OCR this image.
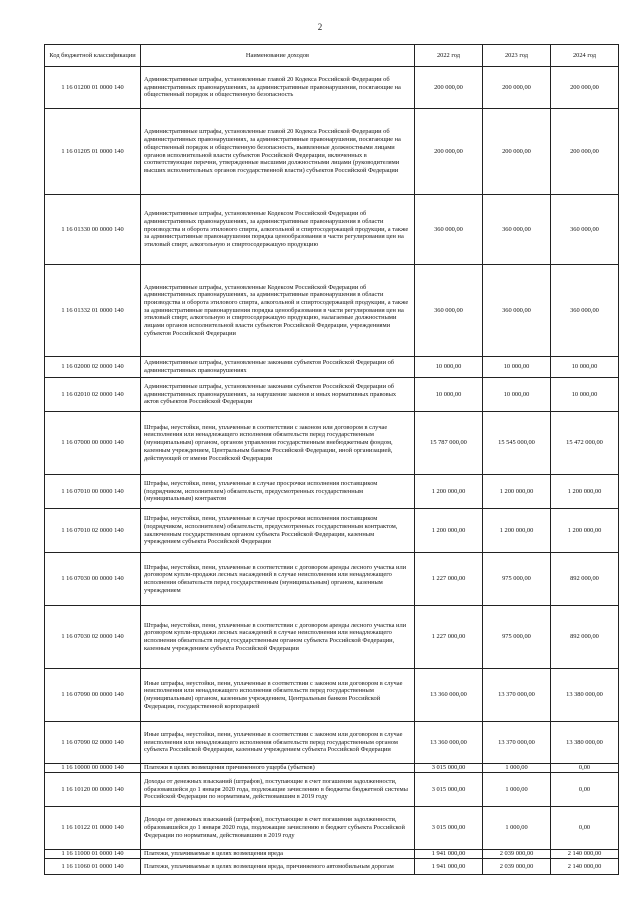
2
Код бюджетной классификации	Наименование доходов	2022 год	2023 год	2024 год
1 16 01200 01 0000 140	Административные штрафы, установленные главой 20 Кодекса Российской Федерации об административных правонарушениях, за административные правонарушения, посягающие на общественный порядок и общественную безопасность	200 000,00	200 000,00	200 000,00
1 16 01205 01 0000 140	Административные штрафы, установленные главой 20 Кодекса Российской Федерации об административных правонарушениях, за административные правонарушения, посягающие на общественный порядок и общественную безопасность, выявленные должностными лицами органов исполнительной власти субъектов Российской Федерации, включенных в соответствующие перечни, утвержденные высшими должностными лицами (руководителями высших исполнительных органов государственной власти) субъектов Российской Федерации	200 000,00	200 000,00	200 000,00
1 16 01330 00 0000 140	Административные штрафы, установленные Кодексом Российской Федерации об административных правонарушениях, за административные правонарушения в области производства и оборота этилового спирта, алкогольной и спиртосодержащей продукции, а также за административные правонарушения порядка ценообразования в части регулирования цен на этиловый спирт, алкогольную и спиртосодержащую продукцию	360 000,00	360 000,00	360 000,00
1 16 01332 01 0000 140	Административные штрафы, установленные Кодексом Российской Федерации об административных правонарушениях, за административные правонарушения в области производства и оборота этилового спирта, алкогольной и спиртосодержащей продукции, а также за административные правонарушения порядка ценообразования в части регулирования цен на этиловый спирт, алкогольную и спиртосодержащую продукцию, налагаемые должностными лицами органов исполнительной власти субъектов Российской Федерации, учреждениями субъектов Российской Федерации	360 000,00	360 000,00	360 000,00
1 16 02000 02 0000 140	Административные штрафы, установленные законами субъектов Российской Федерации об административных правонарушениях	10 000,00	10 000,00	10 000,00
1 16 02010 02 0000 140	Административные штрафы, установленные законами субъектов Российской Федерации об административных правонарушениях, за нарушение законов и иных нормативных правовых актов субъектов Российской Федерации	10 000,00	10 000,00	10 000,00
1 16 07000 00 0000 140	Штрафы, неустойки, пени, уплаченные в соответствии с законом или договором в случае неисполнения или ненадлежащего исполнения обязательств перед государственным (муниципальным) органом, органом управления государственным внебюджетным фондом, казенным учреждением, Центральным банком Российской Федерации, иной организацией, действующей от имени Российской Федерации	15 787 000,00	15 545 000,00	15 472 000,00
1 16 07010 00 0000 140	Штрафы, неустойки, пени, уплаченные в случае просрочки исполнения поставщиком (подрядчиком, исполнителем) обязательств, предусмотренных государственным (муниципальным) контрактом	1 200 000,00	1 200 000,00	1 200 000,00
1 16 07010 02 0000 140	Штрафы, неустойки, пени, уплаченные в случае просрочки исполнения поставщиком (подрядчиком, исполнителем) обязательств, предусмотренных государственным контрактом, заключенным государственным органом субъекта Российской Федерации, казенным учреждением субъекта Российской Федерации	1 200 000,00	1 200 000,00	1 200 000,00
1 16 07030 00 0000 140	Штрафы, неустойки, пени, уплаченные в соответствии с договором аренды лесного участка или договором купли-продажи лесных насаждений в случае неисполнения или ненадлежащего исполнения обязательств перед государственным (муниципальным) органом, казенным учреждением	1 227 000,00	975 000,00	892 000,00
1 16 07030 02 0000 140	Штрафы, неустойки, пени, уплаченные в соответствии с договором аренды лесного участка или договором купли-продажи лесных насаждений в случае неисполнения или ненадлежащего исполнения обязательств перед государственным органом субъекта Российской Федерации, казенным учреждением субъекта Российской Федерации	1 227 000,00	975 000,00	892 000,00
1 16 07090 00 0000 140	Иные штрафы, неустойки, пени, уплаченные в соответствии с законом или договором в случае неисполнения или ненадлежащего исполнения обязательств перед государственным (муниципальным) органом, казенным учреждением, Центральным банком Российской Федерации, государственной корпорацией	13 360 000,00	13 370 000,00	13 380 000,00
1 16 07090 02 0000 140	Иные штрафы, неустойки, пени, уплаченные в соответствии с законом или договором в случае неисполнения или ненадлежащего исполнения обязательств перед государственным органом субъекта Российской Федерации, казенным учреждением субъекта Российской Федерации	13 360 000,00	13 370 000,00	13 380 000,00
1 16 10000 00 0000 140	Платежи в целях возмещения причиненного ущерба (убытков)	3 015 000,00	1 000,00	0,00
1 16 10120 00 0000 140	Доходы от денежных взысканий (штрафов), поступающие в счет погашения задолженности, образовавшейся до 1 января 2020 года, подлежащие зачислению в бюджеты бюджетной системы Российской Федерации по нормативам, действовавшим в 2019 году	3 015 000,00	1 000,00	0,00
1 16 10122 01 0000 140	Доходы от денежных взысканий (штрафов), поступающие в счет погашения задолженности, образовавшейся до 1 января 2020 года, подлежащие зачислению в бюджет субъекта Российской Федерации по нормативам, действовавшим в 2019 году	3 015 000,00	1 000,00	0,00
1 16 11000 01 0000 140	Платежи, уплачиваемые в целях возмещения вреда	1 941 000,00	2 039 000,00	2 140 000,00
1 16 11060 01 0000 140	Платежи, уплачиваемые в целях возмещения вреда, причиняемого автомобильным дорогам	1 941 000,00	2 039 000,00	2 140 000,00
